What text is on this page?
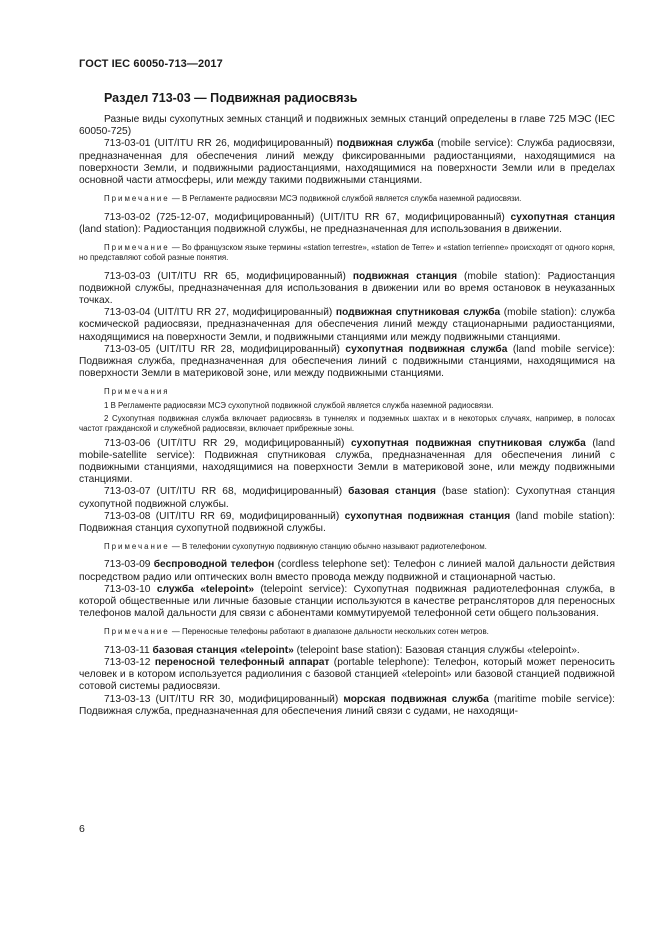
ГОСТ IEC 60050-713—2017
Раздел 713-03 — Подвижная радиосвязь

Разные виды сухопутных земных станций и подвижных земных станций определены в главе 725 МЭС (IEC 60050-725)

713-03-01 (UIT/ITU RR 26, модифицированный) подвижная служба (mobile service): Служба радиосвязи, предназначенная для обеспечения линий между фиксированными радиостанциями, находящимися на поверхности Земли, и подвижными радиостанциями, находящимися на поверхности Земли или в пределах основной части атмосферы, или между такими подвижными станциями.

Примечание — В Регламенте радиосвязи МСЭ подвижной службой является служба наземной радиосвязи.

713-03-02 (725-12-07, модифицированный) (UIT/ITU RR 67, модифицированный) сухопутная станция (land station): Радиостанция подвижной службы, не предназначенная для использования в движении.

Примечание — Во французском языке термины «station terrestre», «station de Terre» и «station terrienne» происходят от одного корня, но представляют собой разные понятия.

713-03-03 (UIT/ITU RR 65, модифицированный) подвижная станция (mobile station): Радиостанция подвижной службы, предназначенная для использования в движении или во время остановок в неуказанных точках.

713-03-04 (UIT/ITU RR 27, модифицированный) подвижная спутниковая служба (mobile station): служба космической радиосвязи, предназначенная для обеспечения линий между стационарными радиостанциями, находящимися на поверхности Земли, и подвижными станциями или между подвижными станциями.

713-03-05 (UIT/ITU RR 28, модифицированный) сухопутная подвижная служба (land mobile service): Подвижная служба, предназначенная для обеспечения линий с подвижными станциями, находящимися на поверхности Земли в материковой зоне, или между подвижными станциями.

Примечания

1 В Регламенте радиосвязи МСЭ сухопутной подвижной службой является служба наземной радиосвязи.

2 Сухопутная подвижная служба включает радиосвязь в туннелях и подземных шахтах и в некоторых случаях, например, в полосах частот гражданской и служебной радиосвязи, включает прибрежные зоны.

713-03-06 (UIT/ITU RR 29, модифицированный) сухопутная подвижная спутниковая служба (land mobile-satellite service): Подвижная спутниковая служба, предназначенная для обеспечения линий с подвижными станциями, находящимися на поверхности Земли в материковой зоне, или между подвижными станциями.

713-03-07 (UIT/ITU RR 68, модифицированный) базовая станция (base station): Сухопутная станция сухопутной подвижной службы.

713-03-08 (UIT/ITU RR 69, модифицированный) сухопутная подвижная станция (land mobile station): Подвижная станция сухопутной подвижной службы.

Примечание — В телефонии сухопутную подвижную станцию обычно называют радиотелефоном.

713-03-09 беспроводной телефон (cordless telephone set): Телефон с линией малой дальности действия посредством радио или оптических волн вместо провода между подвижной и стационарной частью.

713-03-10 служба «telepoint» (telepoint service): Сухопутная подвижная радиотелефонная служба, в которой общественные или личные базовые станции используются в качестве ретрансляторов для переносных телефонов малой дальности для связи с абонентами коммутируемой телефонной сети общего пользования.

Примечание — Переносные телефоны работают в диапазоне дальности нескольких сотен метров.

713-03-11 базовая станция «telepoint» (telepoint base station): Базовая станция службы «telepoint».

713-03-12 переносной телефонный аппарат (portable telephone): Телефон, который может переносить человек и в котором используется радиолиния с базовой станцией «telepoint» или базовой станцией подвижной сотовой системы радиосвязи.

713-03-13 (UIT/ITU RR 30, модифицированный) морская подвижная служба (maritime mobile service): Подвижная служба, предназначенная для обеспечения линий связи с судами, не находящи-

6
